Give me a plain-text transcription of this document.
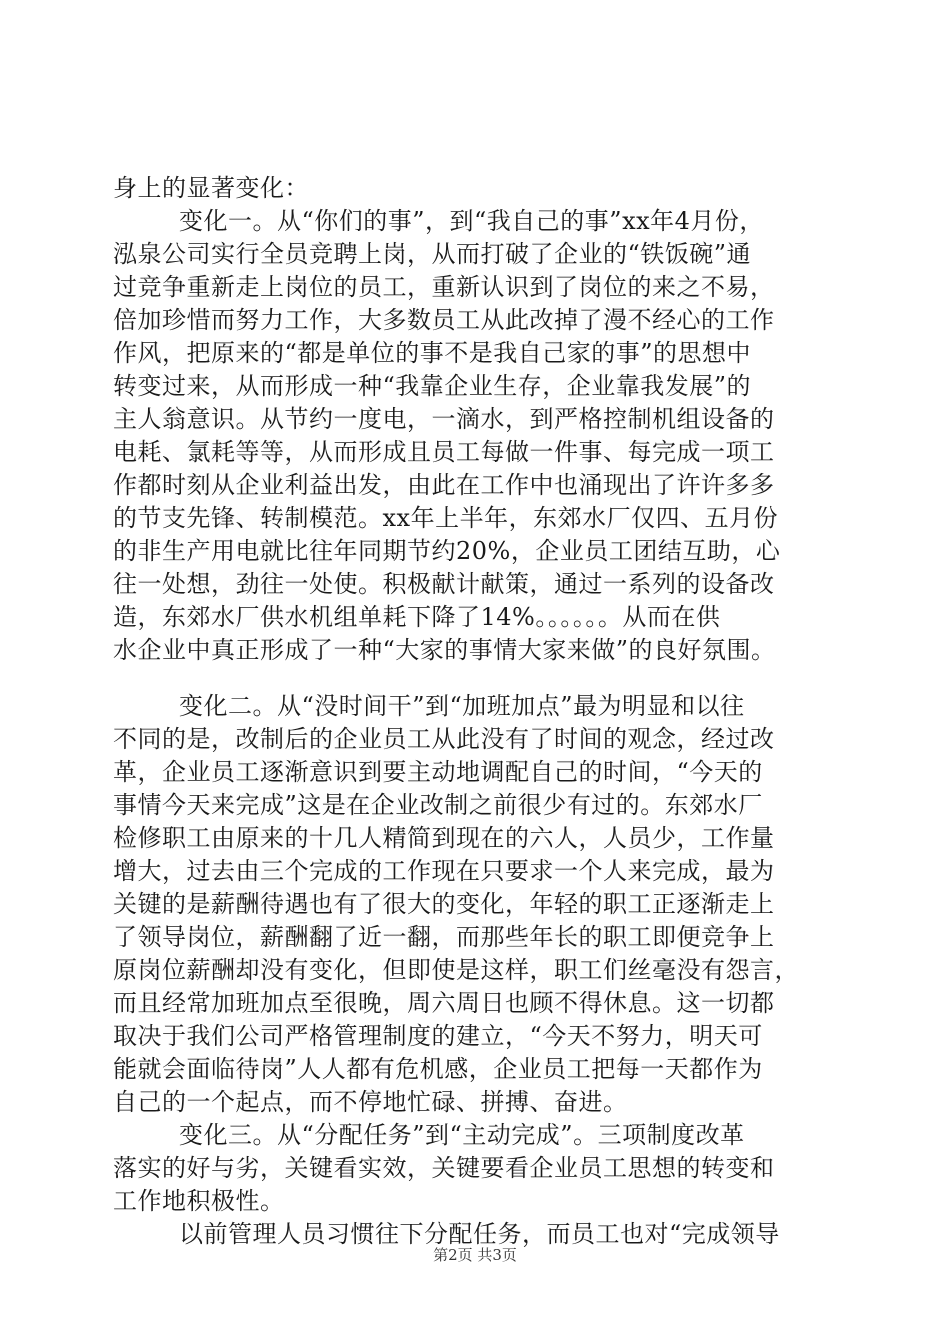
身上的显著变化：
变化一。从“你们的事”，到“我自己的事”xx年4月份，
泓泉公司实行全员竞聘上岗，从而打破了企业的“铁饭碗”通
过竞争重新走上岗位的员工，重新认识到了岗位的来之不易，
倍加珍惜而努力工作，大多数员工从此改掉了漫不经心的工作
作风，把原来的“都是单位的事不是我自己家的事”的思想中
转变过来，从而形成一种“我靠企业生存，企业靠我发展”的
主人翁意识。从节约一度电，一滴水，到严格控制机组设备的
电耗、氯耗等等，从而形成且员工每做一件事、每完成一项工
作都时刻从企业利益出发，由此在工作中也涌现出了许许多多
的节支先锋、转制模范。xx年上半年，东郊水厂仅四、五月份
的非生产用电就比往年同期节约20%，企业员工团结互助，心
往一处想，劲往一处使。积极献计献策，通过一系列的设备改
造，东郊水厂供水机组单耗下降了14%。。。。。。从而在供
水企业中真正形成了一种“大家的事情大家来做”的良好氛围。
变化二。从“没时间干”到“加班加点”最为明显和以往
不同的是，改制后的企业员工从此没有了时间的观念，经过改
革，企业员工逐渐意识到要主动地调配自己的时间，“今天的
事情今天来完成”这是在企业改制之前很少有过的。东郊水厂
检修职工由原来的十几人精简到现在的六人，人员少，工作量
增大，过去由三个完成的工作现在只要求一个人来完成，最为
关键的是薪酬待遇也有了很大的变化，年轻的职工正逐渐走上
了领导岗位，薪酬翻了近一翻，而那些年长的职工即便竞争上
原岗位薪酬却没有变化，但即使是这样，职工们丝毫没有怨言，
而且经常加班加点至很晚，周六周日也顾不得休息。这一切都
取决于我们公司严格管理制度的建立，“今天不努力，明天可
能就会面临待岗”人人都有危机感，企业员工把每一天都作为
自己的一个起点，而不停地忙碌、拼搏、奋进。
变化三。从“分配任务”到“主动完成”。三项制度改革
落实的好与劣，关键看实效，关键要看企业员工思想的转变和
工作地积极性。
以前管理人员习惯往下分配任务，而员工也对“完成领导
第2页 共3页
